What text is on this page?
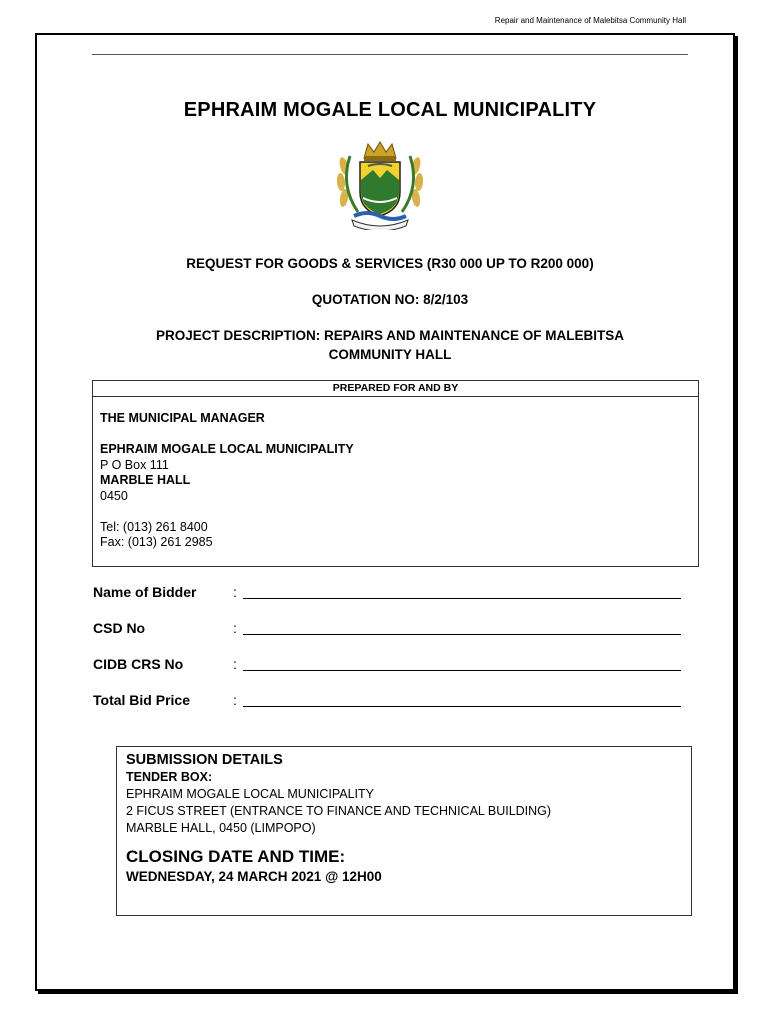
Repair and Maintenance of Malebitsa Community Hall
EPHRAIM MOGALE LOCAL MUNICIPALITY
REQUEST FOR GOODS & SERVICES (R30 000 UP TO R200 000)
QUOTATION NO: 8/2/103
PROJECT DESCRIPTION: REPAIRS AND MAINTENANCE OF MALEBITSA
COMMUNITY HALL
PREPARED FOR AND BY
THE MUNICIPAL MANAGER
EPHRAIM MOGALE LOCAL MUNICIPALITY
P O Box 111
MARBLE HALL
0450
Tel: (013) 261 8400
Fax: (013) 261 2985
Name of Bidder	:
CSD No	:
CIDB CRS No	:
Total Bid Price	:
SUBMISSION DETAILS
TENDER BOX:
EPHRAIM MOGALE LOCAL MUNICIPALITY
2 FICUS STREET (ENTRANCE TO FINANCE AND TECHNICAL BUILDING)
MARBLE HALL, 0450 (LIMPOPO)
CLOSING DATE AND TIME:
WEDNESDAY, 24 MARCH 2021 @ 12H00
